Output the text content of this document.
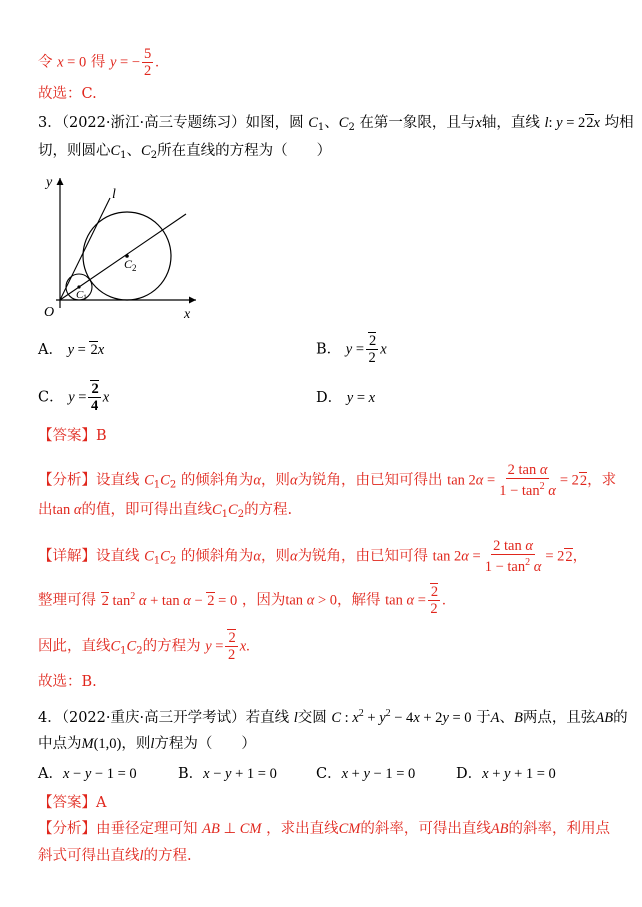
令 x = 0 得 y = − $\frac{5}{2}$ .
故选：C.
3．（2022·浙江·高三专题练习）如图，圆 $C_1$、$C_2$ 在第一象限，且与x轴，直线 l: y = 22x 均相
切，则圆心$C_1$、$C_2$所在直线的方程为（　　）
y
x
O
l
C 2
C 1
A． y = 2x	B． $y = \frac{2}{2}$ x
C． $y = \frac{2}{4}$ x	D． y = x
【答案】B
【分析】设直线 $C_1C_2$ 的倾斜角为α，则α为锐角，由已知可得出 $\tan 2\alpha = \frac{\text{2 tan α}}{1 - \tan^2 \alpha} = 22$，求
出tan α的值，即可得出直线$C_1C_2$的方程.
【详解】设直线 $C_1C_2$ 的倾斜角为α，则α为锐角，由已知可得 $\tan 2\alpha = \frac{\text{2 tan α}}{1 - \tan^2 \alpha} = 22$，
整理可得 2 $\tan^2 \alpha + \tan \alpha - 2 = 0$ ，因为tan α > 0，解得 $\tan \alpha = \frac{2}{2}$ .
因此，直线$C_1C_2$的方程为 $y = \frac{2}{2} x$.
故选：B.
4．（2022·重庆·高三开学考试）若直线 l交圆 C : $x^2 + y^2 - 4x + 2y = 0$ 于A、B两点，且弦AB的
中点为M(1,0)，则l方程为（　　）
A．x − y − 1 = 0	B．x − y + 1 = 0	C．x + y − 1 = 0	D．x + y + 1 = 0
【答案】A
【分析】由垂径定理可知 AB ⊥ CM ，求出直线CM的斜率，可得出直线AB的斜率，利用点
斜式可得出直线l的方程.
